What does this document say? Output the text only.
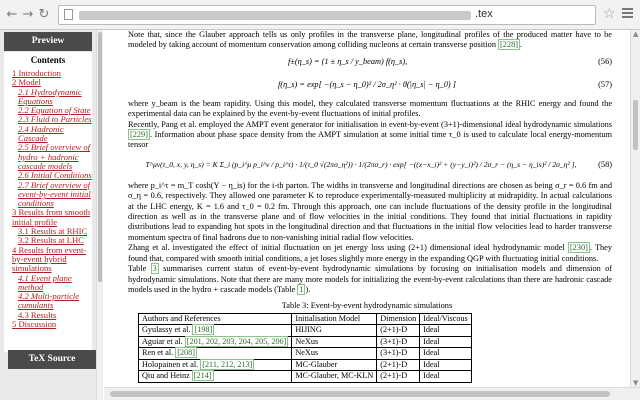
← → ↻	.tex	☆
Preview
Contents
1 Introduction
2 Model
2.1 Hydrodynamic Equations
2.2 Equation of State
2.3 Fluid to Particles
2.4 Hadronic Cascade
2.5 Brief overview of hydro + hadronic cascade models
2.6 Initial Conditions
2.7 Brief overview of event-by-event initial conditions
3 Results from smooth initial profile
3.1 Results at RHIC
3.2 Results at LHC
4 Results from event-by-event hybrid simulations
4.1 Event plane method
4.2 Multi-particle cumulants
4.3 Results
5 Discussion
TeX Source

Note that, since the Glauber approach tells us only profiles in the transverse plane, longitudinal profiles of the produced matter have to be modeled by taking account of momentum conservation among colliding nucleons at certain transverse position [228] .

f±(η_s) = (1 ± η_s / y_beam) f(η_s),	(56)
f(η_s) = exp[ −(η_s − η_0)² / 2σ_η² · θ(|η_s| − η_0) ]	(57)

where y_beam is the beam rapidity. Using this model, they calculated transverse momentum fluctuations at the RHIC energy and found the experimental data can be explained by the event-by-event fluctuations of initial profiles.

Recently, Pang et al. employed the AMPT event generator for initialisation in event-by-event (3+1)-dimensional ideal hydrodynamic simulations [229] . Information about phase space density from the AMPT simulation at some initial time τ_0 is used to calculate local energy-momentum tensor

T^μν(τ_0, x, y, η_s) = K Σ_i (p_i^μ p_i^ν / p_i^τ) · 1/(τ_0 √(2πσ_η²)) · 1/(2πσ_r) · exp[ −((x−x_i)² + (y−y_i)²) / 2σ_r − (η_s − η_is)² / 2σ_η² ],	(58)

where p_i^τ = m_T cosh(Y − η_is) for the i-th parton. The widths in transverse and longitudinal directions are chosen as being σ_r = 0.6 fm and σ_η = 0.6, respectively. They allowed one parameter K to reproduce experimentally-measured multiplicity at midrapidity. In actual calculations at the LHC energy, K = 1.6 and τ_0 = 0.2 fm. Through this approach, one can include fluctuations of the density profile in the longitudinal direction as well as in the transverse plane and of flow velocities in the initial conditions. They found that initial fluctuations in rapidity distributions lead to expanding hot spots in the longitudinal direction and that fluctuations in the initial flow velocities lead to harder transverse momentum spectra of final hadrons due to non-vanishing initial radial flow velocities.

Zhang et al. investigated the effect of initial fluctuation on jet energy loss using (2+1) dimensional ideal hydrodynamic model [230] . They found that, compared with smooth initial conditions, a jet loses slightly more energy in the expanding QGP with fluctuating initial conditions.

Table 3 summarises current status of event-by-event hydrodynamic simulations by focusing on initialisation models and dimension of hydrodynamic simulations. Note that there are many more models for initializing the event-by-event calculations than there are hadronic cascade models used in the hydro + cascade models (Table 1 ).

Table 3: Event-by-event hydrodynamic simulations
Authors and References	Initialisation Model	Dimension	Ideal/Viscous
Gyulassy et al. [198]	HIJING	(2+1)-D	Ideal
Aguiar et al. [201, 202, 203, 204, 205, 206]	NeXus	(3+1)-D	Ideal
Ren et al. [208]	NeXus	(3+1)-D	Ideal
Holopainen et al. [211, 212, 213]	MC-Glauber	(2+1)-D	Ideal
Qiu and Heinz [214]	MC-Glauber, MC-KLN	(2+1)-D	Ideal
▲
▼
